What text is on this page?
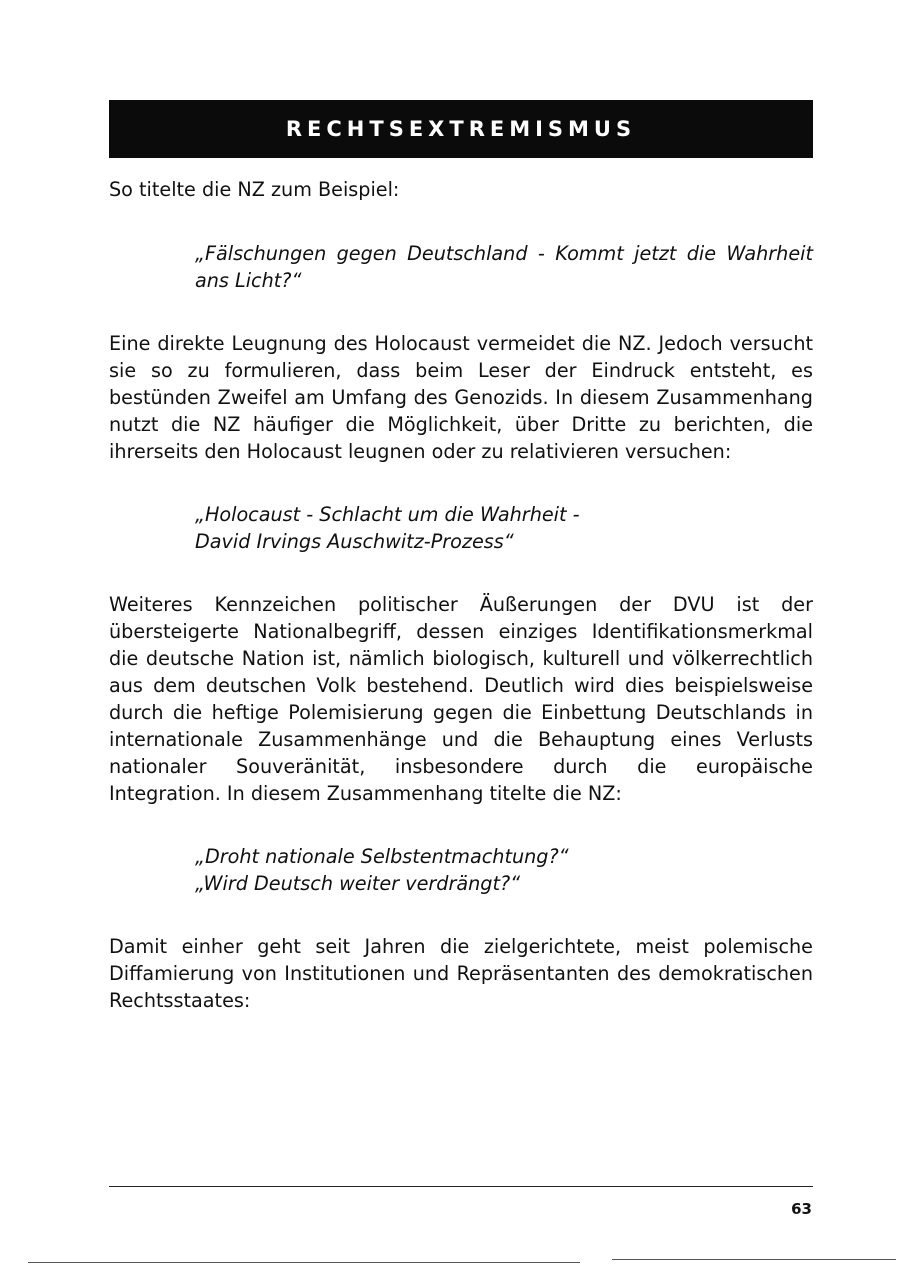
RECHTSEXTREMISMUS

So titelte die NZ zum Beispiel:

„Fälschungen gegen Deutschland - Kommt jetzt die Wahrheit ans Licht?“

Eine direkte Leugnung des Holocaust vermeidet die NZ. Jedoch versucht sie so zu formulieren, dass beim Leser der Eindruck entsteht, es bestünden Zweifel am Umfang des Genozids. In diesem Zusammenhang nutzt die NZ häufiger die Möglichkeit, über Dritte zu berichten, die ihrerseits den Holocaust leugnen oder zu relativieren versuchen:

„Holocaust - Schlacht um die Wahrheit -

David Irvings Auschwitz-Prozess“

Weiteres Kennzeichen politischer Äußerungen der DVU ist der übersteigerte Nationalbegriff, dessen einziges Identifikationsmerkmal die deutsche Nation ist, nämlich biologisch, kulturell und völkerrechtlich aus dem deutschen Volk bestehend. Deutlich wird dies beispielsweise durch die heftige Polemisierung gegen die Einbettung Deutschlands in internationale Zusammenhänge und die Behauptung eines Verlusts nationaler Souveränität, insbesondere durch die europäische Integration. In diesem Zusammenhang titelte die NZ:

„Droht nationale Selbstentmachtung?“

„Wird Deutsch weiter verdrängt?“

Damit einher geht seit Jahren die zielgerichtete, meist polemische Diffamierung von Institutionen und Repräsentanten des demokratischen Rechtsstaates:

63
